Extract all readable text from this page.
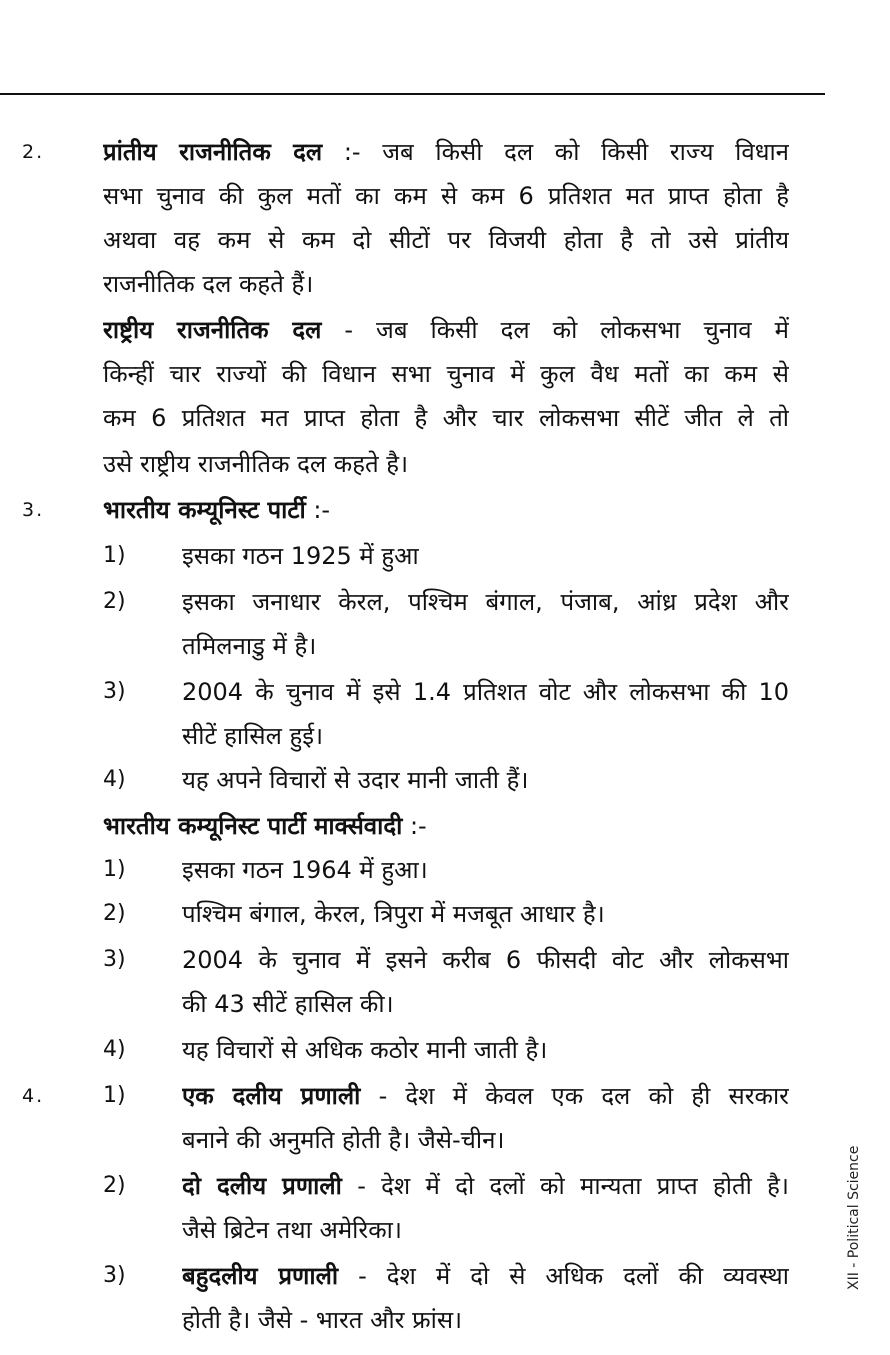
2. प्रांतीय राजनीतिक दल :- जब किसी दल को किसी राज्य विधान
सभा चुनाव की कुल मतों का कम से कम 6 प्रतिशत मत प्राप्त होता है
अथवा वह कम से कम दो सीटों पर विजयी होता है तो उसे प्रांतीय
राजनीतिक दल कहते हैं।
राष्ट्रीय राजनीतिक दल - जब किसी दल को लोकसभा चुनाव में
किन्हीं चार राज्यों की विधान सभा चुनाव में कुल वैध मतों का कम से
कम 6 प्रतिशत मत प्राप्त होता है और चार लोकसभा सीटें जीत ले तो
उसे राष्ट्रीय राजनीतिक दल कहते है।
3. भारतीय कम्यूनिस्ट पार्टी :-
1) इसका गठन 1925 में हुआ
2) इसका जनाधार केरल, पश्चिम बंगाल, पंजाब, आंध्र प्रदेश और
तमिलनाडु में है।
3) 2004 के चुनाव में इसे 1.4 प्रतिशत वोट और लोकसभा की 10
सीटें हासिल हुई।
4) यह अपने विचारों से उदार मानी जाती हैं।
भारतीय कम्यूनिस्ट पार्टी मार्क्सवादी :-
1) इसका गठन 1964 में हुआ।
2) पश्चिम बंगाल, केरल, त्रिपुरा में मजबूत आधार है।
3) 2004 के चुनाव में इसने करीब 6 फीसदी वोट और लोकसभा
की 43 सीटें हासिल की।
4) यह विचारों से अधिक कठोर मानी जाती है।
4.	1) एक दलीय प्रणाली - देश में केवल एक दल को ही सरकार
बनाने की अनुमति होती है। जैसे-चीन।
2) दो दलीय प्रणाली - देश में दो दलों को मान्यता प्राप्त होती है।
जैसे ब्रिटेन तथा अमेरिका।
3) बहुदलीय प्रणाली - देश में दो से अधिक दलों की व्यवस्था
होती है। जैसे - भारत और फ्रांस।
XII - Political Science
